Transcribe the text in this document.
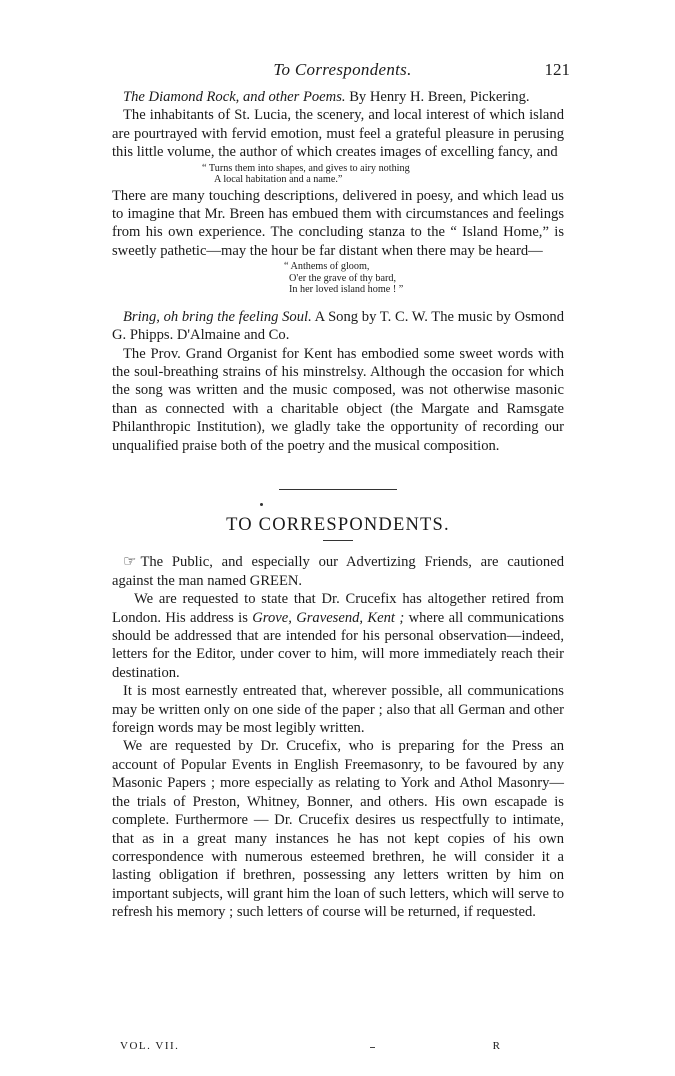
To Correspondents.	121

The Diamond Rock, and other Poems. By Henry H. Breen, Pickering.

The inhabitants of St. Lucia, the scenery, and local interest of which island are pourtrayed with fervid emotion, must feel a grateful pleasure in perusing this little volume, the author of which creates images of excelling fancy, and

“ Turns them into shapes, and gives to airy nothing
A local habitation and a name.”

There are many touching descriptions, delivered in poesy, and which lead us to imagine that Mr. Breen has embued them with circumstances and feelings from his own experience. The concluding stanza to the “ Island Home,” is sweetly pathetic—may the hour be far distant when there may be heard—

“ Anthems of gloom,
O'er the grave of thy bard,
In her loved island home ! ”

Bring, oh bring the feeling Soul. A Song by T. C. W. The music by Osmond G. Phipps. D'Almaine and Co.

The Prov. Grand Organist for Kent has embodied some sweet words with the soul-breathing strains of his minstrelsy. Although the occasion for which the song was written and the music composed, was not otherwise masonic than as connected with a charitable object (the Margate and Ramsgate Philanthropic Institution), we gladly take the opportunity of recording our unqualified praise both of the poetry and the musical composition.

TO CORRESPONDENTS.

☞ The Public, and especially our Advertizing Friends, are cautioned against the man named GREEN.

We are requested to state that Dr. Crucefix has altogether retired from London. His address is Grove, Gravesend, Kent ; where all communications should be addressed that are intended for his personal observation—indeed, letters for the Editor, under cover to him, will more immediately reach their destination.

It is most earnestly entreated that, wherever possible, all communications may be written only on one side of the paper ; also that all German and other foreign words may be most legibly written.

We are requested by Dr. Crucefix, who is preparing for the Press an account of Popular Events in English Freemasonry, to be favoured by any Masonic Papers ; more especially as relating to York and Athol Masonry—the trials of Preston, Whitney, Bonner, and others. His own escapade is complete. Furthermore — Dr. Crucefix desires us respectfully to intimate, that as in a great many instances he has not kept copies of his own correspondence with numerous esteemed brethren, he will consider it a lasting obligation if brethren, possessing any letters written by him on important subjects, will grant him the loan of such letters, which will serve to refresh his memory ; such letters of course will be returned, if requested.

VOL. VII.	R
